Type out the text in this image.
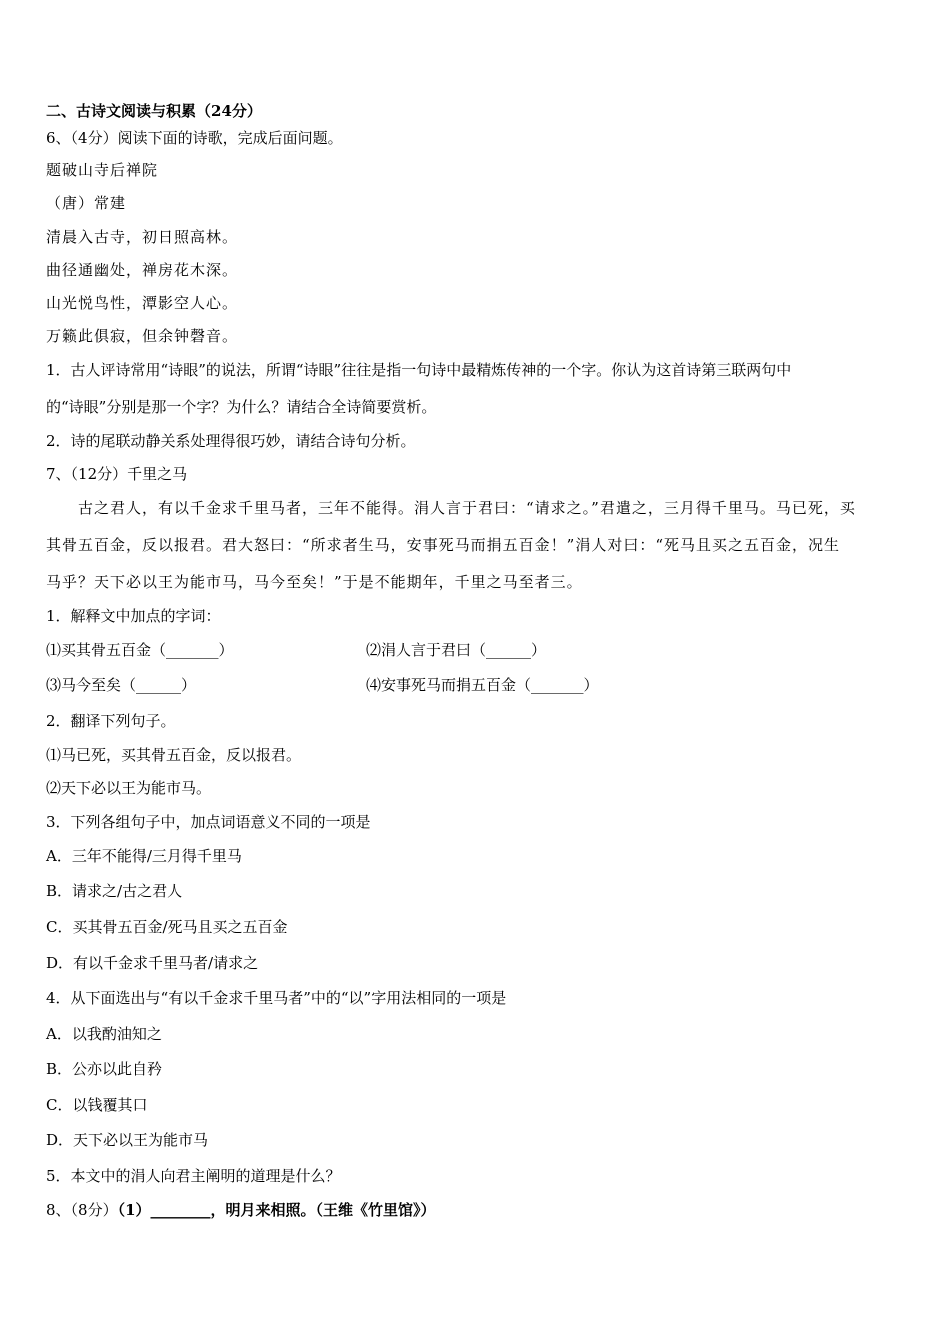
二、古诗文阅读与积累（24分）
6、（4分）阅读下面的诗歌，完成后面问题。
题破山寺后禅院
（唐）常建
清晨入古寺，初日照高林。
曲径通幽处，禅房花木深。
山光悦鸟性，潭影空人心。
万籁此俱寂，但余钟磬音。
1．古人评诗常用“诗眼”的说法，所谓“诗眼”往往是指一句诗中最精炼传神的一个字。你认为这首诗第三联两句中
的“诗眼”分别是那一个字？为什么？请结合全诗简要赏析。
2．诗的尾联动静关系处理得很巧妙，请结合诗句分析。
7、（12分）千里之马
古之君人，有以千金求千里马者，三年不能得。涓人言于君曰：“请求之。”君遣之，三月得千里马。马已死，买
其骨五百金，反以报君。君大怒曰：“所求者生马，安事死马而捐五百金！”涓人对曰：“死马且买之五百金，况生
马乎？天下必以王为能市马，马今至矣！”于是不能期年，千里之马至者三。
1．解释文中加点的字词：
⑴买其骨五百金（_______）	⑵涓人言于君曰（______）
⑶马今至矣（______）	⑷安事死马而捐五百金（_______）
2．翻译下列句子。
⑴马已死，买其骨五百金，反以报君。
⑵天下必以王为能市马。
3．下列各组句子中，加点词语意义不同的一项是
A．三年不能得/三月得千里马
B．请求之/古之君人
C．买其骨五百金/死马且买之五百金
D．有以千金求千里马者/请求之
4．从下面选出与“有以千金求千里马者”中的“以”字用法相同的一项是
A．以我酌油知之
B．公亦以此自矜
C．以钱覆其口
D．天下必以王为能市马
5．本文中的涓人向君主阐明的道理是什么？
8、（8分）（1）________，明月来相照。（王维《竹里馆》）
